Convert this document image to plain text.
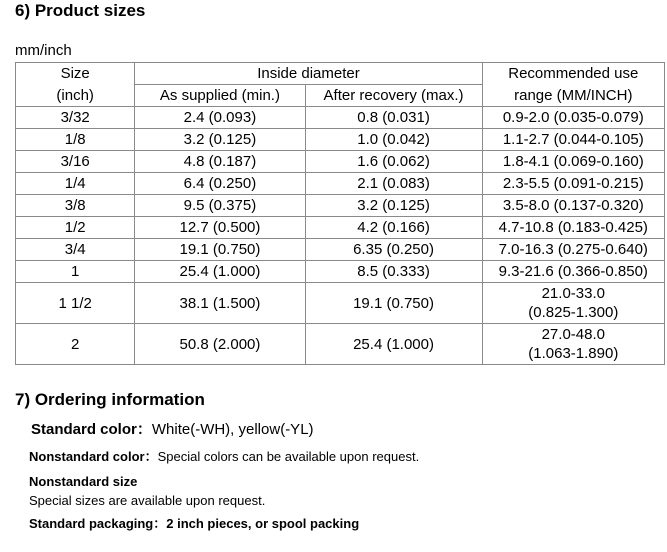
6) Product sizes
mm/inch
Size	Inside diameter		Recommended use
(inch)	As supplied (min.)	After recovery (max.)	range (MM/INCH)
3/32	2.4 (0.093)	0.8 (0.031)	0.9-2.0 (0.035-0.079)
1/8	3.2 (0.125)	1.0 (0.042)	1.1-2.7 (0.044-0.105)
3/16	4.8 (0.187)	1.6 (0.062)	1.8-4.1 (0.069-0.160)
1/4	6.4 (0.250)	2.1 (0.083)	2.3-5.5 (0.091-0.215)
3/8	9.5 (0.375)	3.2 (0.125)	3.5-8.0 (0.137-0.320)
1/2	12.7 (0.500)	4.2 (0.166)	4.7-10.8 (0.183-0.425)
3/4	19.1 (0.750)	6.35 (0.250)	7.0-16.3 (0.275-0.640)
1	25.4 (1.000)	8.5 (0.333)	9.3-21.6 (0.366-0.850)
1 1/2	38.1 (1.500)	19.1 (0.750)	21.0-33.0
(0.825-1.300)
2	50.8 (2.000)	25.4 (1.000)	27.0-48.0
(1.063-1.890)
7) Ordering information
Standard color：White(-WH), yellow(-YL)
Nonstandard color：Special colors can be available upon request.
Nonstandard size
Special sizes are available upon request.
Standard packaging：2 inch pieces, or spool packing
